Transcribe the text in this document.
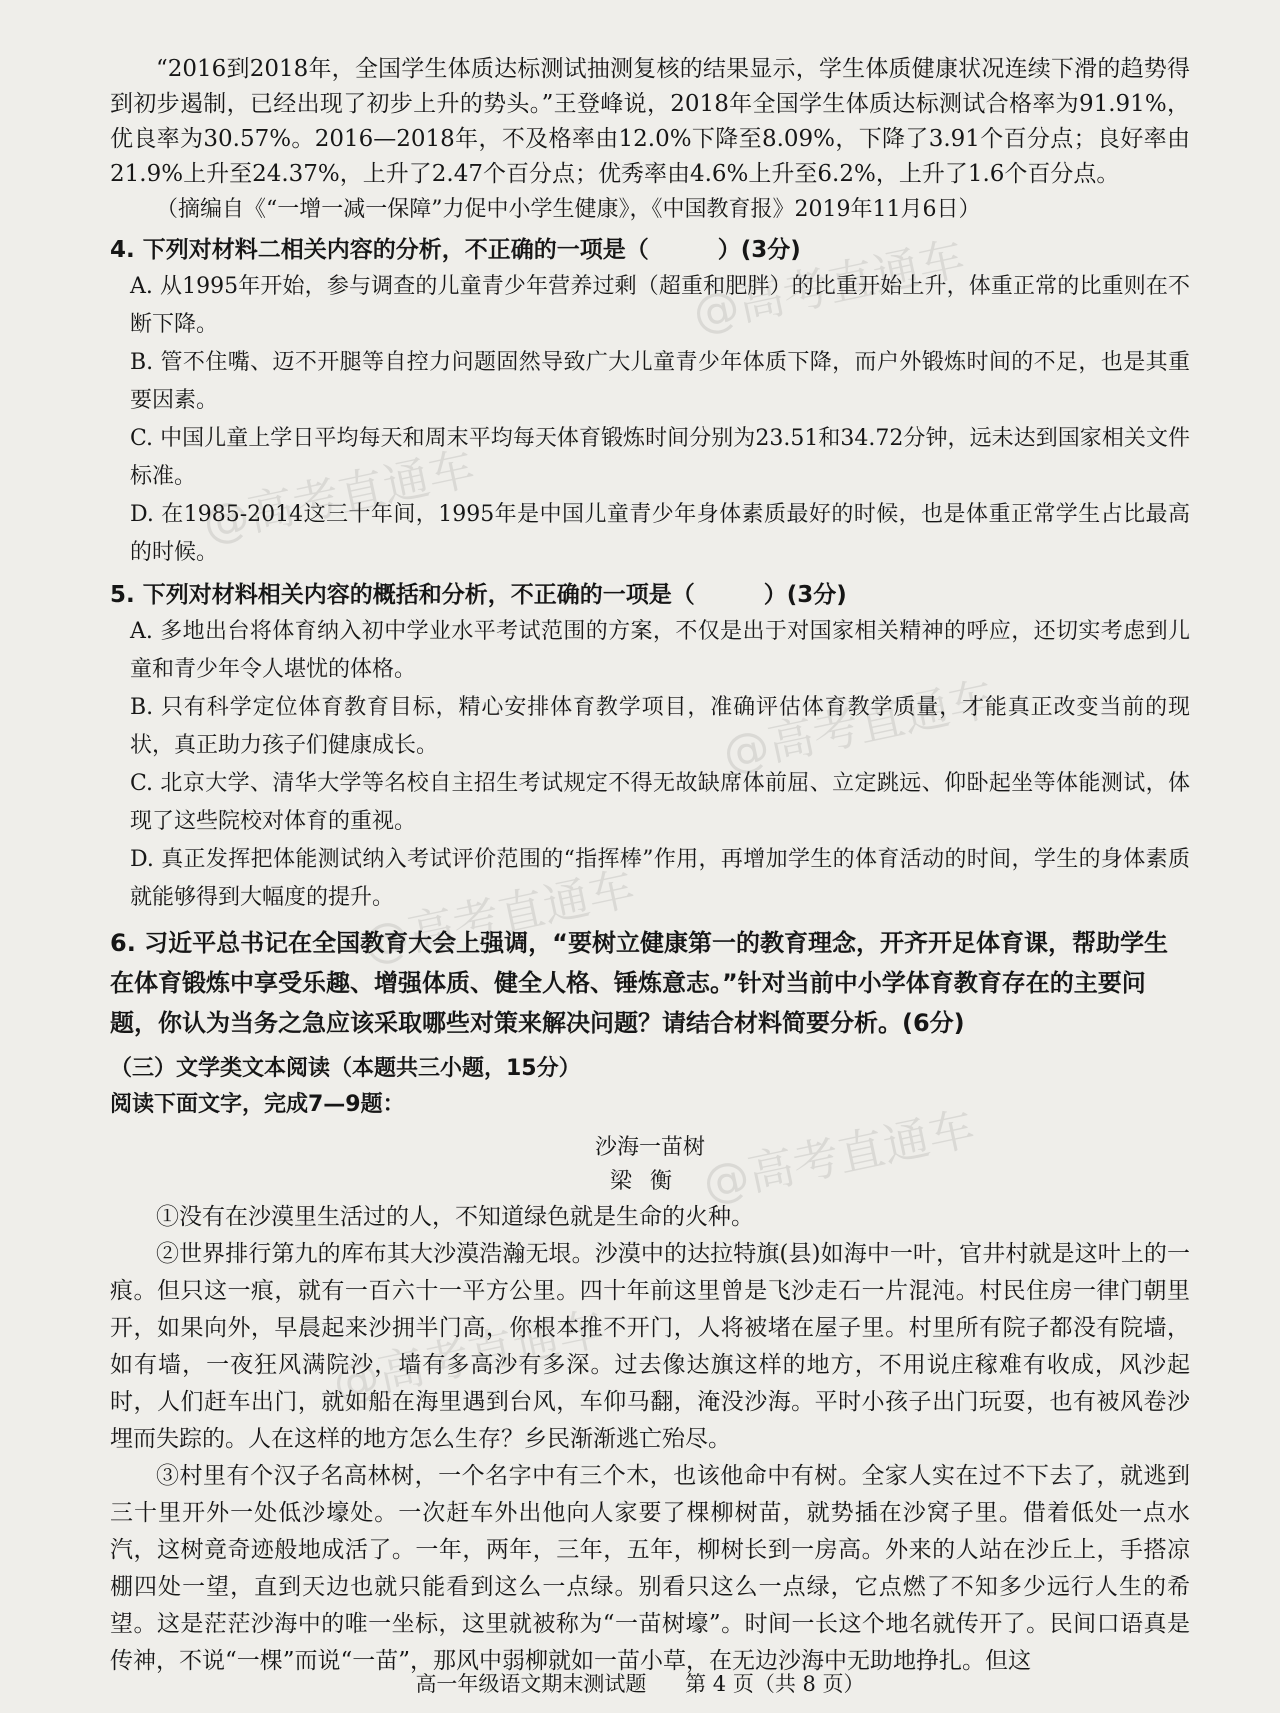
@高考直通车
@高考直通车
@高考直通车
@高考直通车
@高考直通车
@高考直通车

“2016到2018年，全国学生体质达标测试抽测复核的结果显示，学生体质健康状况连续下滑的趋势得到初步遏制，已经出现了初步上升的势头。”王登峰说，2018年全国学生体质达标测试合格率为91.91%，优良率为30.57%。2016—2018年，不及格率由12.0%下降至8.09%，下降了3.91个百分点；良好率由21.9%上升至24.37%，上升了2.47个百分点；优秀率由4.6%上升至6.2%，上升了1.6个百分点。

（摘编自《“一增一减一保障”力促中小学生健康》，《中国教育报》2019年11月6日）

4. 下列对材料二相关内容的分析，不正确的一项是（　　　）(3分)

A. 从1995年开始，参与调查的儿童青少年营养过剩（超重和肥胖）的比重开始上升，体重正常的比重则在不断下降。

B. 管不住嘴、迈不开腿等自控力问题固然导致广大儿童青少年体质下降，而户外锻炼时间的不足，也是其重要因素。

C. 中国儿童上学日平均每天和周末平均每天体育锻炼时间分别为23.51和34.72分钟，远未达到国家相关文件标准。

D. 在1985-2014这三十年间，1995年是中国儿童青少年身体素质最好的时候，也是体重正常学生占比最高的时候。

5. 下列对材料相关内容的概括和分析，不正确的一项是（　　　）(3分)

A. 多地出台将体育纳入初中学业水平考试范围的方案，不仅是出于对国家相关精神的呼应，还切实考虑到儿童和青少年令人堪忧的体格。

B. 只有科学定位体育教育目标，精心安排体育教学项目，准确评估体育教学质量，才能真正改变当前的现状，真正助力孩子们健康成长。

C. 北京大学、清华大学等名校自主招生考试规定不得无故缺席体前屈、立定跳远、仰卧起坐等体能测试，体现了这些院校对体育的重视。

D. 真正发挥把体能测试纳入考试评价范围的“指挥棒”作用，再增加学生的体育活动的时间，学生的身体素质就能够得到大幅度的提升。

6. 习近平总书记在全国教育大会上强调，“要树立健康第一的教育理念，开齐开足体育课，帮助学生在体育锻炼中享受乐趣、增强体质、健全人格、锤炼意志。”针对当前中小学体育教育存在的主要问题，你认为当务之急应该采取哪些对策来解决问题？请结合材料简要分析。(6分)

（三）文学类文本阅读（本题共三小题，15分）

阅读下面文字，完成7—9题：

沙海一苗树

梁衡

①没有在沙漠里生活过的人，不知道绿色就是生命的火种。

②世界排行第九的库布其大沙漠浩瀚无垠。沙漠中的达拉特旗(县)如海中一叶，官井村就是这叶上的一痕。但只这一痕，就有一百六十一平方公里。四十年前这里曾是飞沙走石一片混沌。村民住房一律门朝里开，如果向外，早晨起来沙拥半门高，你根本推不开门，人将被堵在屋子里。村里所有院子都没有院墙，如有墙，一夜狂风满院沙，墙有多高沙有多深。过去像达旗这样的地方，不用说庄稼难有收成，风沙起时，人们赶车出门，就如船在海里遇到台风，车仰马翻，淹没沙海。平时小孩子出门玩耍，也有被风卷沙埋而失踪的。人在这样的地方怎么生存？乡民渐渐逃亡殆尽。

③村里有个汉子名高林树，一个名字中有三个木，也该他命中有树。全家人实在过不下去了，就逃到三十里开外一处低沙壕处。一次赶车外出他向人家要了棵柳树苗，就势插在沙窝子里。借着低处一点水汽，这树竟奇迹般地成活了。一年，两年，三年，五年，柳树长到一房高。外来的人站在沙丘上，手搭凉棚四处一望，直到天边也就只能看到这么一点绿。别看只这么一点绿，它点燃了不知多少远行人生的希望。这是茫茫沙海中的唯一坐标，这里就被称为“一苗树壕”。时间一长这个地名就传开了。民间口语真是传神，不说“一棵”而说“一苗”，那风中弱柳就如一苗小草，在无边沙海中无助地挣扎。但这

高一年级语文期末测试题 第 4 页（共 8 页）
